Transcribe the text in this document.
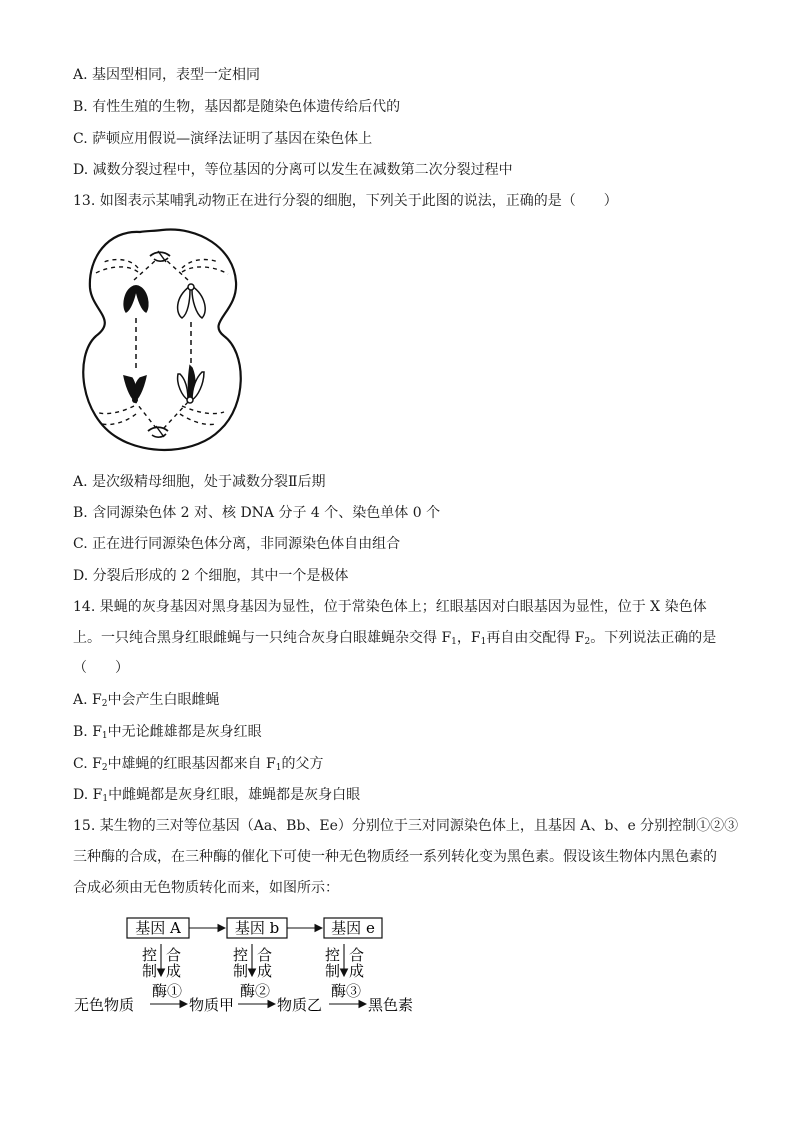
A. 基因型相同，表型一定相同
B. 有性生殖的生物，基因都是随染色体遗传给后代的
C. 萨顿应用假说—演绎法证明了基因在染色体上
D. 减数分裂过程中，等位基因的分离可以发生在减数第二次分裂过程中
13. 如图表示某哺乳动物正在进行分裂的细胞，下列关于此图的说法，正确的是（　　）
A. 是次级精母细胞，处于减数分裂Ⅱ后期
B. 含同源染色体 2 对、核 DNA 分子 4 个、染色单体 0 个
C. 正在进行同源染色体分离，非同源染色体自由组合
D. 分裂后形成的 2 个细胞，其中一个是极体
14. 果蝇的灰身基因对黑身基因为显性，位于常染色体上；红眼基因对白眼基因为显性，位于 X 染色体
上。一只纯合黑身红眼雌蝇与一只纯合灰身白眼雄蝇杂交得 $F_1$，$F_1$再自由交配得 $F_2$。下列说法正确的是
（　　）
A. $F_2$中会产生白眼雌蝇
B. $F_1$中无论雌雄都是灰身红眼
C. $F_2$中雄蝇的红眼基因都来自 $F_1$的父方
D. $F_1$中雌蝇都是灰身红眼，雄蝇都是灰身白眼
15. 某生物的三对等位基因（Aa、Bb、Ee）分别位于三对同源染色体上，且基因 A、b、e 分别控制①②③
三种酶的合成，在三种酶的催化下可使一种无色物质经一系列转化变为黑色素。假设该生物体内黑色素的
合成必须由无色物质转化而来，如图所示：
基因 A	基因 b	基因 e
控
制
合
成
控
制
合
成
控
制
合
成
无色物质	物质甲	物质乙	黑色素
酶①	酶②	酶③
